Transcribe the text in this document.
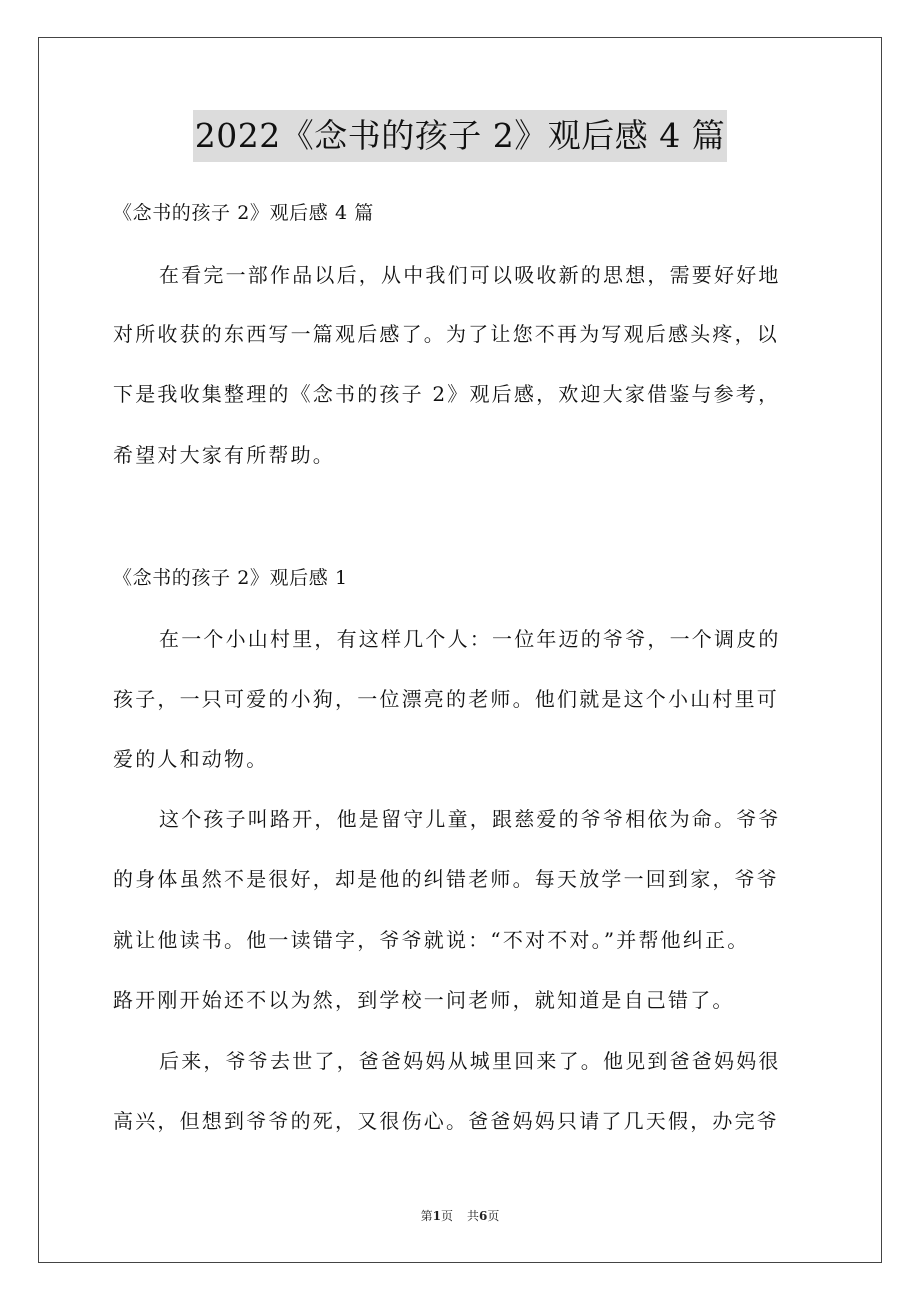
2022《念书的孩子 2》观后感 4 篇
《念书的孩子 2》观后感 4 篇
在看完一部作品以后，从中我们可以吸收新的思想，需要好好地
对所收获的东西写一篇观后感了。为了让您不再为写观后感头疼，以
下是我收集整理的《念书的孩子 2》观后感，欢迎大家借鉴与参考，
希望对大家有所帮助。
《念书的孩子 2》观后感 1
在一个小山村里，有这样几个人：一位年迈的爷爷，一个调皮的
孩子，一只可爱的小狗，一位漂亮的老师。他们就是这个小山村里可
爱的人和动物。
这个孩子叫路开，他是留守儿童，跟慈爱的爷爷相依为命。爷爷
的身体虽然不是很好，却是他的纠错老师。每天放学一回到家，爷爷
就让他读书。他一读错字，爷爷就说：“不对不对。”并帮他纠正。
路开刚开始还不以为然，到学校一问老师，就知道是自己错了。
后来，爷爷去世了，爸爸妈妈从城里回来了。他见到爸爸妈妈很
高兴，但想到爷爷的死，又很伤心。爸爸妈妈只请了几天假，办完爷
第1页 共6页
